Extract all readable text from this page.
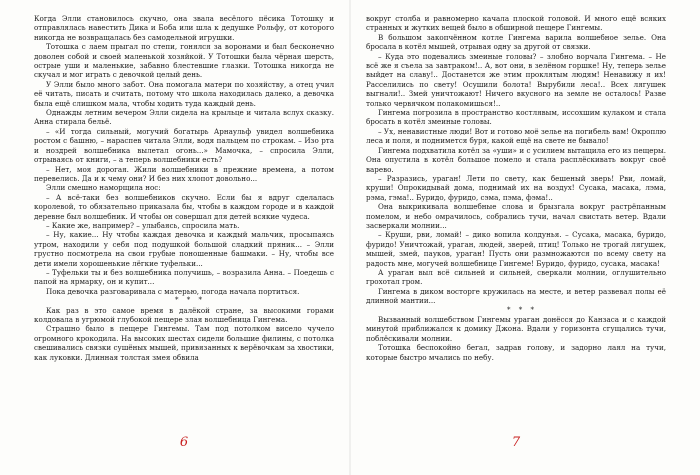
Когда Элли становилось скучно, она звала весёлого пёсика Тотошку и отправлялась навестить Дика и Боба или шла к дедушке Рольфу, от которого никогда не возвращалась без самодельной игрушки.

Тотошка с лаем прыгал по степи, гонялся за воронами и был бесконечно доволен собой и своей маленькой хозяйкой. У Тотошки была чёрная шерсть, острые уши и маленькие, забавно блестевшие глазки. Тотошка никогда не скучал и мог играть с девочкой целый день.

У Элли было много забот. Она помогала матери по хозяйству, а отец учил её читать, писать и считать, потому что школа находилась далеко, а девочка была ещё слишком мала, чтобы ходить туда каждый день.

Однажды летним вечером Элли сидела на крыльце и читала вслух сказку. Анна стирала бельё.

– «И тогда сильный, могучий богатырь Арнаульф увидел волшебника ростом с башню, – нараспев читала Элли, водя пальцем по строкам. – Изо рта и ноздрей волшебника вылетал огонь...» Мамочка, – спросила Элли, отрываясь от книги, – а теперь волшебники есть?

– Нет, моя дорогая. Жили волшебники в прежние времена, а потом перевелись. Да и к чему они? И без них хлопот довольно...

Элли смешно наморщила нос:

– А всё-таки без волшебников скучно. Если бы я вдруг сделалась королевой, то обязательно приказала бы, чтобы в каждом городе и в каждой деревне был волшебник. И чтобы он совершал для детей всякие чудеса.

– Какие же, например? – улыбаясь, спросила мать.

– Ну, какие... Ну чтобы каждая девочка и каждый мальчик, просыпаясь утром, находили у себя под подушкой большой сладкий пряник... – Элли грустно посмотрела на свои грубые поношенные башмаки. – Ну, чтобы все дети имели хорошенькие лёгкие туфельки...

– Туфельки ты и без волшебника получишь, – возразила Анна. – Поедешь с папой на ярмарку, он и купит...

Пока девочка разговаривала с матерью, погода начала портиться.

* * *

Как раз в это самое время в далёкой стране, за высокими горами колдовала в угрюмой глубокой пещере злая волшебница Гингема.

Страшно было в пещере Гингемы. Там под потолком висело чучело огромного крокодила. На высоких шестах сидели большие филины, с потолка свешивались связки сушёных мышей, привязанных к верёвочкам за хвостики, как луковки. Длинная толстая змея обвила

вокруг столба и равномерно качала плоской головой. И много ещё всяких странных и жутких вещей было в обширной пещере Гингемы.

В большом закопчённом котле Гингема варила волшебное зелье. Она бросала в котёл мышей, отрывая одну за другой от связки.

– Куда это подевались змеиные головы? – злобно ворчала Гингема. – Не всё же я съела за завтраком!.. А, вот они, в зелёном горшке! Ну, теперь зелье выйдет на славу!.. Достанется же этим проклятым людям! Ненавижу я их! Расселились по свету! Осушили болота! Вырубили леса!.. Всех лягушек выгнали!.. Змей уничтожают! Ничего вкусного на земле не осталось! Разве только червячком полакомишься!..

Гингема погрозила в пространство костлявым, иссохшим кулаком и стала бросать в котёл змеиные головы.

– Ух, ненавистные люди! Вот и готово моё зелье на погибель вам! Окроплю леса и поля, и поднимется буря, какой ещё на свете не бывало!

Гингема подхватила котёл за «уши» и с усилием вытащила его из пещеры. Она опустила в котёл большое помело и стала расплёскивать вокруг своё варево.

– Разразись, ураган! Лети по свету, как бешеный зверь! Рви, ломай, круши! Опрокидывай дома, поднимай их на воздух! Сусака, масака, лэма, рэма, гэма!.. Буридо, фуридо, сэма, пэма, фэма!..

Она выкрикивала волшебные слова и брызгала вокруг растрёпанным помелом, и небо омрачилось, собрались тучи, начал свистать ветер. Вдали засверкали молнии...

– Круши, рви, ломай! – дико вопила колдунья. – Сусака, масака, буридо, фуридо! Уничтожай, ураган, людей, зверей, птиц! Только не трогай лягушек, мышей, змей, пауков, ураган! Пусть они размножаются по всему свету на радость мне, могучей волшебнице Гингеме! Буридо, фуридо, сусака, масака!

А ураган выл всё сильней и сильней, сверкали молнии, оглушительно грохотал гром.

Гингема в диком восторге кружилась на месте, и ветер развевал полы её длинной мантии...

* * *

Вызванный волшебством Гингемы ураган донёсся до Канзаса и с каждой минутой приближался к домику Джона. Вдали у горизонта сгущались тучи, поблёскивали молнии.

Тотошка беспокойно бегал, задрав голову, и задорно лаял на тучи, которые быстро мчались по небу.

6	7
